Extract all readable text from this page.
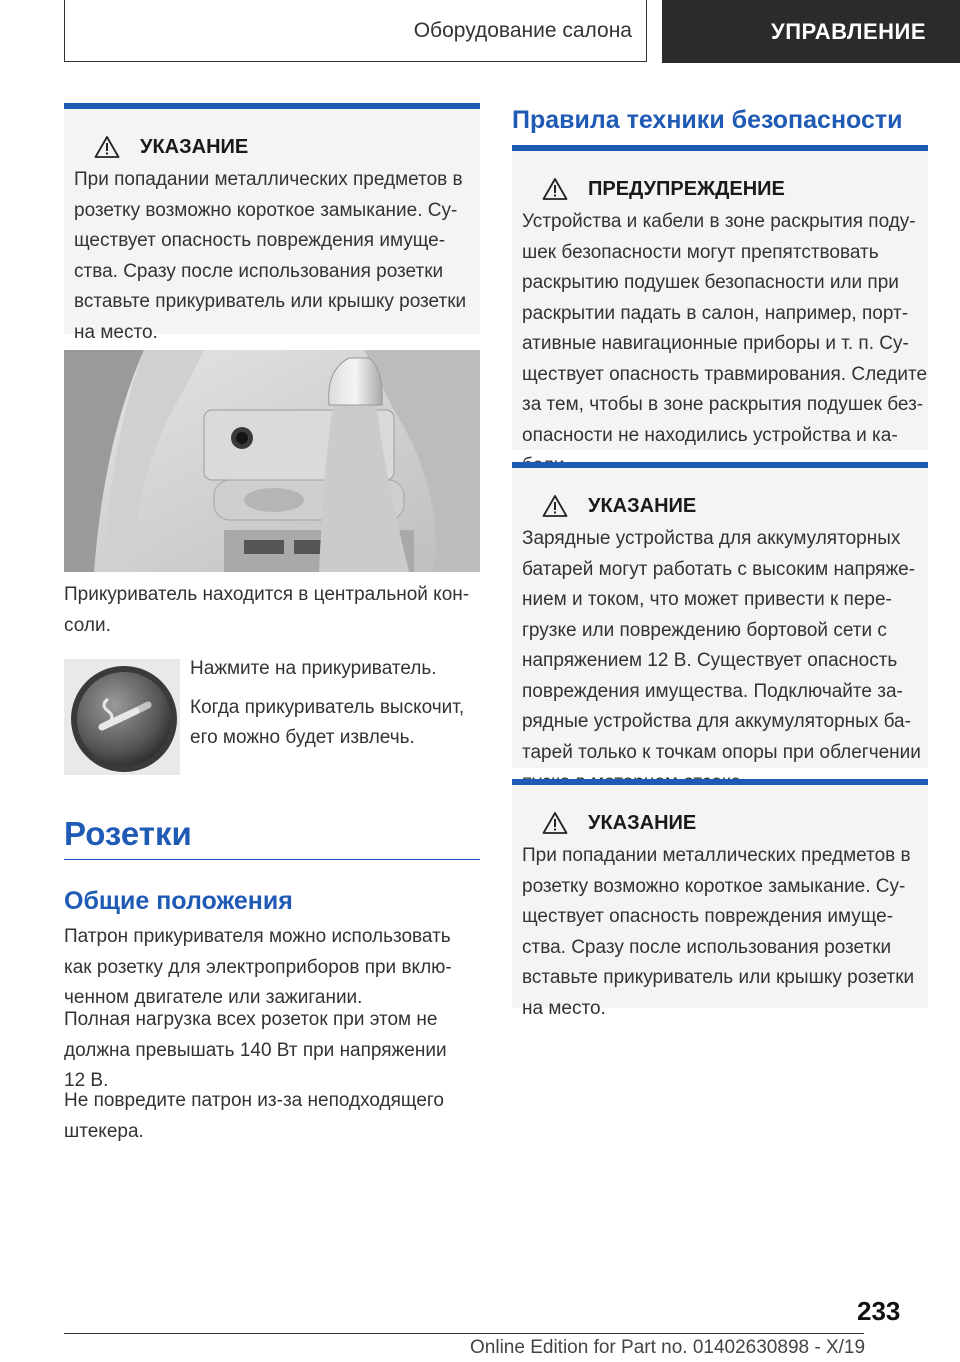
Оборудование салона	УПРАВЛЕНИЕ
УКАЗАНИЕ

При попадании металлических предметов в

розетку возможно короткое замыкание. Су-

ществует опасность повреждения имуще-

ства. Сразу после использования розетки

вставьте прикуриватель или крышку розетки

на место.

Прикуриватель находится в центральной кон-

соли.

Нажмите на прикуриватель.

Когда прикуриватель выскочит,

его можно будет извлечь.

Розетки
Общие положения

Патрон прикуривателя можно использовать

как розетку для электроприборов при вклю-

ченном двигателе или зажигании.

Полная нагрузка всех розеток при этом не

должна превышать 140 Вт при напряжении

12 В.

Не повредите патрон из-за неподходящего

штекера.

Правила техники безопасности
ПРЕДУПРЕЖДЕНИЕ

Устройства и кабели в зоне раскрытия поду-

шек безопасности могут препятствовать

раскрытию подушек безопасности или при

раскрытии падать в салон, например, порт-

ативные навигационные приборы и т. п. Су-

ществует опасность травмирования. Следите

за тем, чтобы в зоне раскрытия подушек без-

опасности не находились устройства и ка-

УКАЗАНИЕ

Зарядные устройства для аккумуляторных

батарей могут работать с высоким напряже-

нием и током, что может привести к пере-

грузке или повреждению бортовой сети с

напряжением 12 В. Существует опасность

повреждения имущества. Подключайте за-

рядные устройства для аккумуляторных ба-

тарей только к точкам опоры при облегчении

УКАЗАНИЕ

При попадании металлических предметов в

розетку возможно короткое замыкание. Су-

ществует опасность повреждения имуще-

ства. Сразу после использования розетки

вставьте прикуриватель или крышку розетки

на место.

233
Online Edition for Part no. 01402630898 - X/19
